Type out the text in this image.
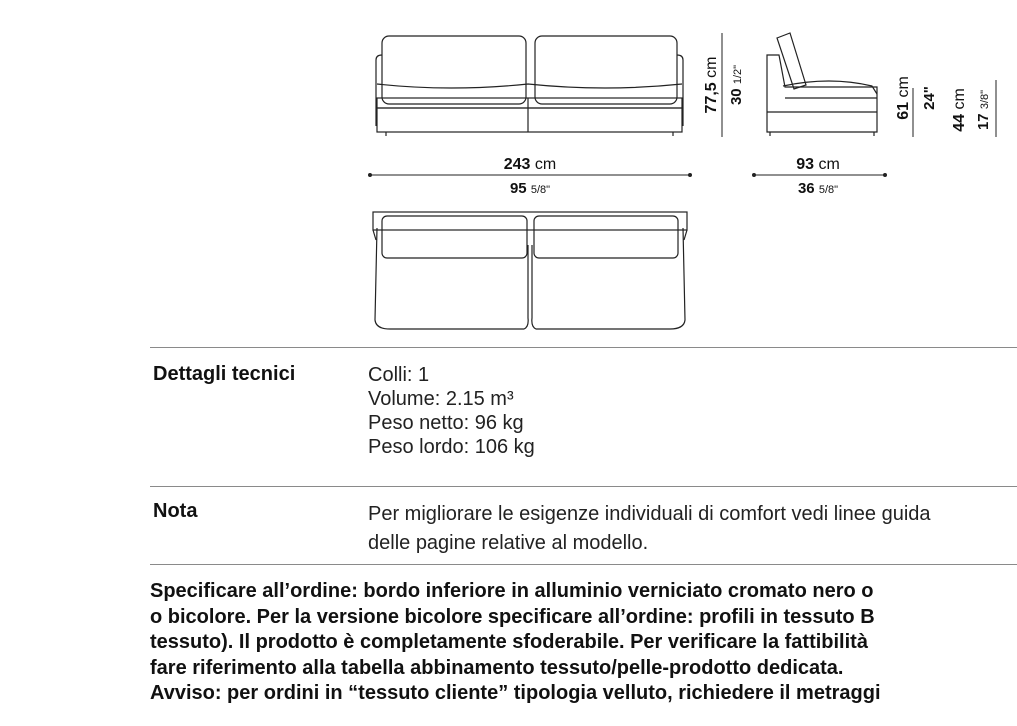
243 cm
95 5/8"
93 cm
36 5/8"
77,5 cm
30 1/2"
61 cm 24"
44 cm
17 3/8"
Dettagli tecnici	Colli: 1
Volume: 2.15 m³
Peso netto: 96 kg
Peso lordo: 106 kg
Nota	Per migliorare le esigenze individuali di comfort vedi linee guida
delle pagine relative al modello.
Specificare all’ordine: bordo inferiore in alluminio verniciato cromato nero o
o bicolore. Per la versione bicolore specificare all’ordine: profili in tessuto B
tessuto). Il prodotto è completamente sfoderabile. Per verificare la fattibilità
fare riferimento alla tabella abbinamento tessuto/pelle-prodotto dedicata.
Avviso: per ordini in “tessuto cliente” tipologia velluto, richiedere il metraggi
